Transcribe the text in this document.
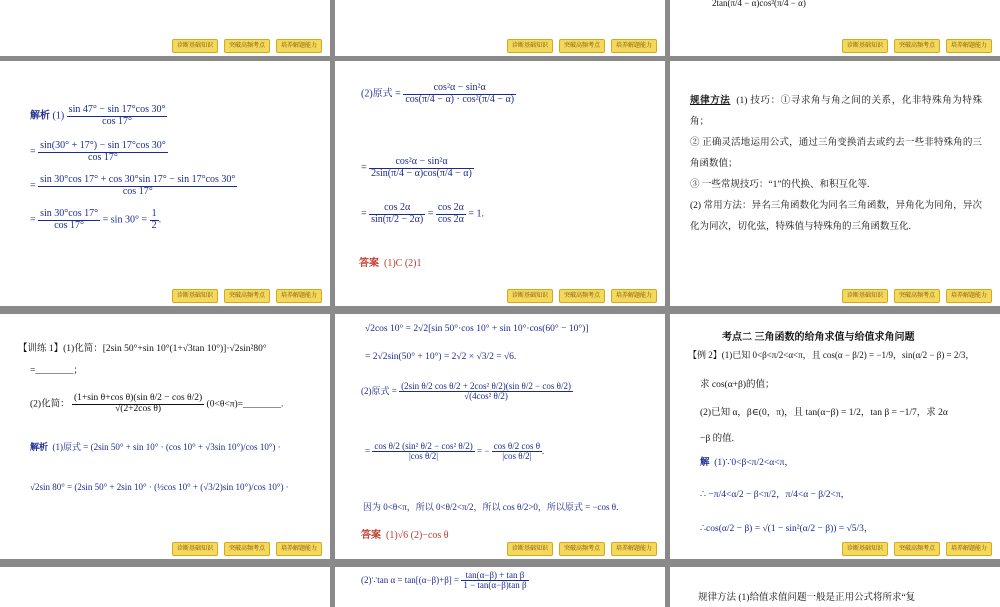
诊断基础知识	突破高频考点	培养解题能力	诊断基础知识	突破高频考点	培养解题能力
2tan(π/4 − α)cos²(π/4 − α)
诊断基础知识	突破高频考点	培养解题能力
解析 $(1) \frac{\sin 47^\circ - \sin 17^\circ\cos 30^\circ}{\cos 17^\circ}$
= $\frac{\sin(30^\circ + 17^\circ) - \sin 17^\circ\cos 30^\circ}{\cos 17^\circ}$
= $\frac{\sin 30^\circ\cos 17^\circ + \cos 30^\circ\sin 17^\circ - \sin 17^\circ\cos 30^\circ}{\cos 17^\circ}$
= $\frac{\sin 30^\circ\cos 17^\circ}{\cos 17^\circ} = \sin 30^\circ = \frac{1}{2}$ .
诊断基础知识	突破高频考点	培养解题能力
(2)原式 = $\frac{\text{cos²α − sin²α}}{\text{cos(π/4 − α) · cos²(π/4 − α)}}$
= $\frac{\text{cos²α − sin²α}}{2\sin(\pi/4 - \alpha)\cos(\pi/4 - \alpha)}$
= $\frac{\cos 2\alpha}{\sin(\pi/2 - 2\alpha)} = \frac{\cos 2\alpha}{\cos 2\alpha} = 1$.
答案 (1)C (2)1
诊断基础知识	突破高频考点	培养解题能力
规律方法 (1) 技巧：①寻求角与角之间的关系，化非特殊角为特殊角；
② 正确灵活地运用公式，通过三角变换消去或约去一些非特殊角的三角函数值；
③ 一些常规技巧：“1”的代换、和积互化等.
(2) 常用方法：异名三角函数化为同名三角函数，异角化为同角，异次化为同次，切化弦，特殊值与特殊角的三角函数互化.
诊断基础知识	突破高频考点	培养解题能力
【训练 1】(1)化简：[2sin 50°+sin 10°(1+√3tan 10°)]·√2sin²80°
=________；
(2)化简： $\frac{\text{(1+sin θ+cos θ)(sin θ/2 − cos θ/2)}}{\text{√(2+2cos θ)}}$ (0<θ<π)=________.
解析 (1)原式 = (2sin 50° + sin 10° · (cos 10° + √3sin 10°)/cos 10°) ·
√2sin 80° = (2sin 50° + 2sin 10° · (½cos 10° + (√3/2)sin 10°)/cos 10°) ·
诊断基础知识	突破高频考点	培养解题能力
√2cos 10° = 2√2[sin 50°·cos 10° + sin 10°·cos(60° − 10°)]
= 2√2sin(50° + 10°) = 2√2 × √3/2 = √6.
(2)原式 = $\frac{\text{(2sin θ/2 cos θ/2 + 2cos² θ/2)(sin θ/2 − cos θ/2)}}{\text{√(4cos² θ/2)}}$
= $\frac{\text{cos θ/2 (sin² θ/2 − cos² θ/2)}}{\text{|cos θ/2|}}$ = − $\frac{\text{cos θ/2 cos θ}}{\text{|cos θ/2|}}$ .
因为 0<θ<π，所以 0<θ/2<π/2，所以 cos θ/2>0，所以原式 = −cos θ.
答案 (1)√6 (2)−cos θ
诊断基础知识	突破高频考点	培养解题能力
考点二 三角函数的给角求值与给值求角问题
【例 2】(1)已知 0<β<π/2<α<π，且 cos(α − β/2) = −1/9，sin(α/2 − β) = 2/3，
求 cos(α+β)的值；
(2)已知 α，β∈(0，π)，且 tan(α−β) = 1/2，tan β = −1/7，求 2α
−β 的值.
解 (1)∵0<β<π/2<α<π，
∴ −π/4<α/2 − β<π/2，π/4<α − β/2<π，
∴cos(α/2 − β) = √(1 − sin²(α/2 − β)) = √5/3，
诊断基础知识	突破高频考点	培养解题能力
(2)∵tan $\alpha = \tan[(\alpha-\beta)+\beta] = \frac{\text{tan(α−β) + tan β}}{\text{1 − tan(α−β)tan β}}$
规律方法 (1)给值求值问题一般是正用公式将所求“复
